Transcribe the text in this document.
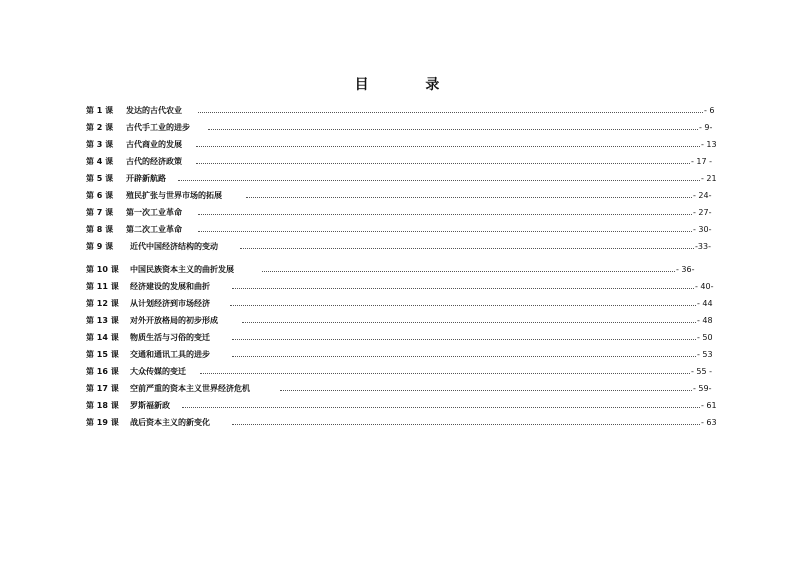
目 录
第 1 课 发达的古代农业	- 6
第 2 课 古代手工业的进步	- 9-
第 3 课 古代商业的发展	- 13
第 4 课 古代的经济政策	- 17 -
第 5 课 开辟新航路	- 21
第 6 课 殖民扩张与世界市场的拓展	- 24-
第 7 课 第一次工业革命	- 27-
第 8 课 第二次工业革命	- 30-
第 9 课 近代中国经济结构的变动	-33-
第 10 课 中国民族资本主义的曲折发展	- 36-
第 11 课 经济建设的发展和曲折	- 40-
第 12 课 从计划经济到市场经济	- 44
第 13 课 对外开放格局的初步形成	- 48
第 14 课 物质生活与习俗的变迁	- 50
第 15 课 交通和通讯工具的进步	- 53
第 16 课 大众传媒的变迁	- 55 -
第 17 课 空前严重的资本主义世界经济危机	- 59-
第 18 课 罗斯福新政	- 61
第 19 课 战后资本主义的新变化	- 63
